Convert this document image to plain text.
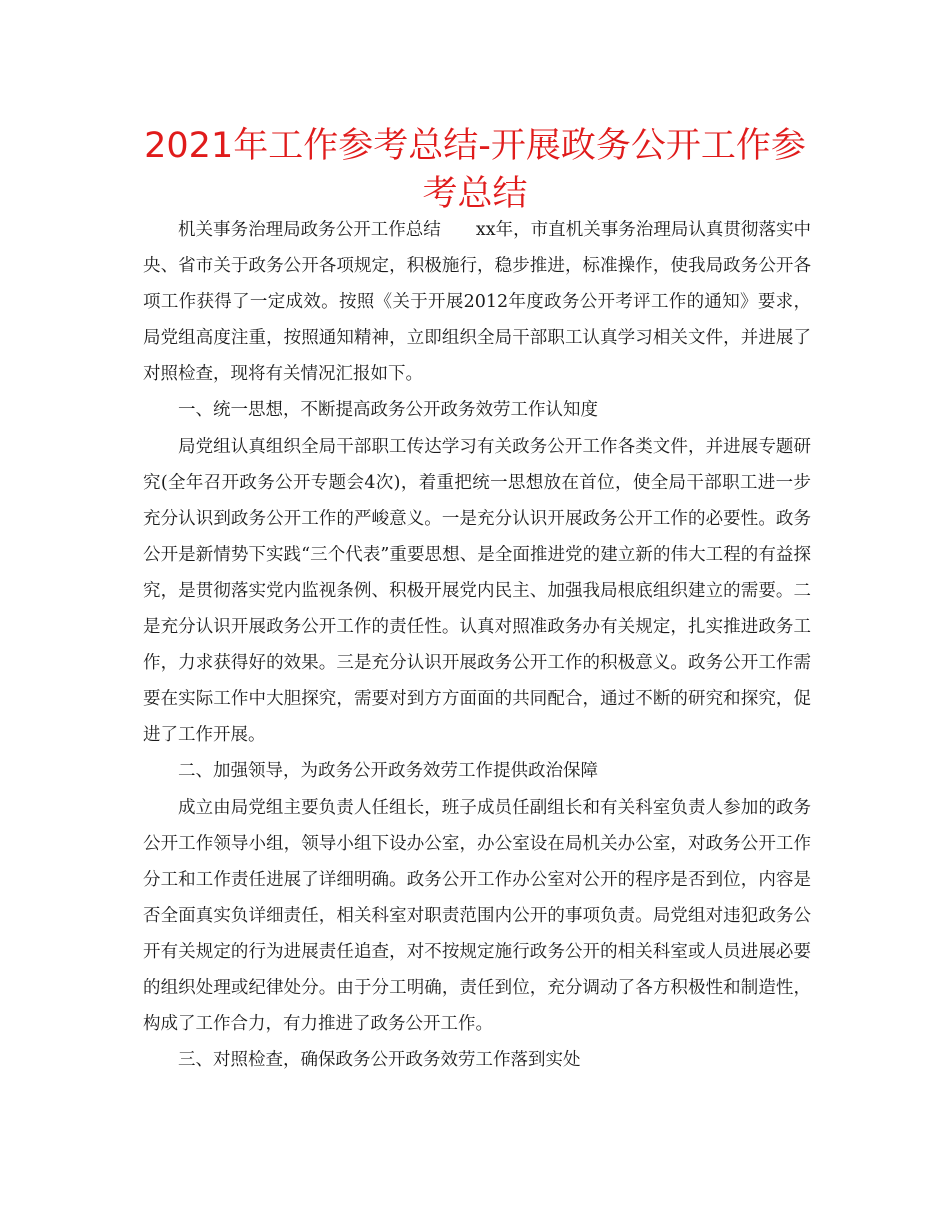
2021年工作参考总结-开展政务公开工作参考总结

机关事务治理局政务公开工作总结　　xx年，市直机关事务治理局认真贯彻落实中央、省市关于政务公开各项规定，积极施行，稳步推进，标准操作，使我局政务公开各项工作获得了一定成效。按照《关于开展2012年度政务公开考评工作的通知》要求，局党组高度注重，按照通知精神，立即组织全局干部职工认真学习相关文件，并进展了对照检查，现将有关情况汇报如下。

一、统一思想，不断提高政务公开政务效劳工作认知度

局党组认真组织全局干部职工传达学习有关政务公开工作各类文件，并进展专题研究(全年召开政务公开专题会4次)，着重把统一思想放在首位，使全局干部职工进一步充分认识到政务公开工作的严峻意义。一是充分认识开展政务公开工作的必要性。政务公开是新情势下实践“三个代表”重要思想、是全面推进党的建立新的伟大工程的有益探究，是贯彻落实党内监视条例、积极开展党内民主、加强我局根底组织建立的需要。二是充分认识开展政务公开工作的责任性。认真对照准政务办有关规定，扎实推进政务工作，力求获得好的效果。三是充分认识开展政务公开工作的积极意义。政务公开工作需要在实际工作中大胆探究，需要对到方方面面的共同配合，通过不断的研究和探究，促进了工作开展。

二、加强领导，为政务公开政务效劳工作提供政治保障

成立由局党组主要负责人任组长，班子成员任副组长和有关科室负责人参加的政务公开工作领导小组，领导小组下设办公室，办公室设在局机关办公室，对政务公开工作分工和工作责任进展了详细明确。政务公开工作办公室对公开的程序是否到位，内容是否全面真实负详细责任，相关科室对职责范围内公开的事项负责。局党组对违犯政务公开有关规定的行为进展责任追查，对不按规定施行政务公开的相关科室或人员进展必要的组织处理或纪律处分。由于分工明确，责任到位，充分调动了各方积极性和制造性，构成了工作合力，有力推进了政务公开工作。

三、对照检查，确保政务公开政务效劳工作落到实处
